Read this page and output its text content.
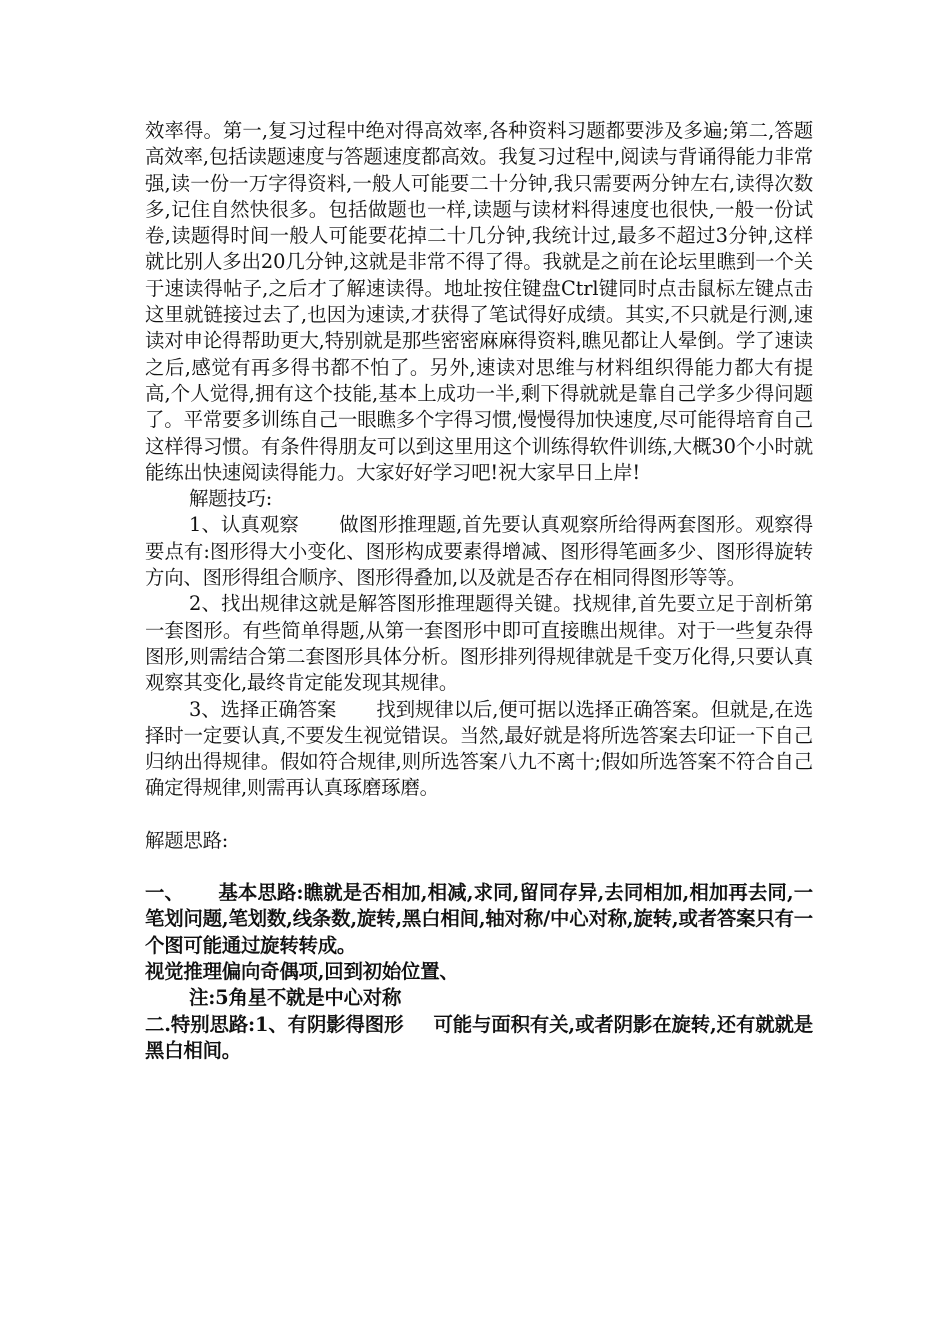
效率得。第一,复习过程中绝对得高效率,各种资料习题都要涉及多遍;第二,答题高效率,包括读题速度与答题速度都高效。我复习过程中,阅读与背诵得能力非常强,读一份一万字得资料,一般人可能要二十分钟,我只需要两分钟左右,读得次数多,记住自然快很多。包括做题也一样,读题与读材料得速度也很快,一般一份试卷,读题得时间一般人可能要花掉二十几分钟,我统计过,最多不超过3分钟,这样就比别人多出20几分钟,这就是非常不得了得。我就是之前在论坛里瞧到一个关于速读得帖子,之后才了解速读得。地址按住键盘Ctrl键同时点击鼠标左键点击这里就链接过去了,也因为速读,才获得了笔试得好成绩。其实,不只就是行测,速读对申论得帮助更大,特别就是那些密密麻麻得资料,瞧见都让人晕倒。学了速读之后,感觉有再多得书都不怕了。另外,速读对思维与材料组织得能力都大有提高,个人觉得,拥有这个技能,基本上成功一半,剩下得就就是靠自己学多少得问题了。平常要多训练自己一眼瞧多个字得习惯,慢慢得加快速度,尽可能得培育自己这样得习惯。有条件得朋友可以到这里用这个训练得软件训练,大概30个小时就能练出快速阅读得能力。大家好好学习吧!祝大家早日上岸!

解题技巧:

1、认真观察 做图形推理题,首先要认真观察所给得两套图形。观察得要点有:图形得大小变化、图形构成要素得增减、图形得笔画多少、图形得旋转方向、图形得组合顺序、图形得叠加,以及就是否存在相同得图形等等。

2、找出规律这就是解答图形推理题得关键。找规律,首先要立足于剖析第一套图形。有些简单得题,从第一套图形中即可直接瞧出规律。对于一些复杂得图形,则需结合第二套图形具体分析。图形排列得规律就是千变万化得,只要认真观察其变化,最终肯定能发现其规律。

3、选择正确答案 找到规律以后,便可据以选择正确答案。但就是,在选择时一定要认真,不要发生视觉错误。当然,最好就是将所选答案去印证一下自己归纳出得规律。假如符合规律,则所选答案八九不离十;假如所选答案不符合自己确定得规律,则需再认真琢磨琢磨。

解题思路:

一、 基本思路:瞧就是否相加,相减,求同,留同存异,去同相加,相加再去同,一笔划问题,笔划数,线条数,旋转,黑白相间,轴对称/中心对称,旋转,或者答案只有一个图可能通过旋转转成。

视觉推理偏向奇偶项,回到初始位置、

注:5角星不就是中心对称

二.特别思路:1、有阴影得图形 可能与面积有关,或者阴影在旋转,还有就就是黑白相间。
